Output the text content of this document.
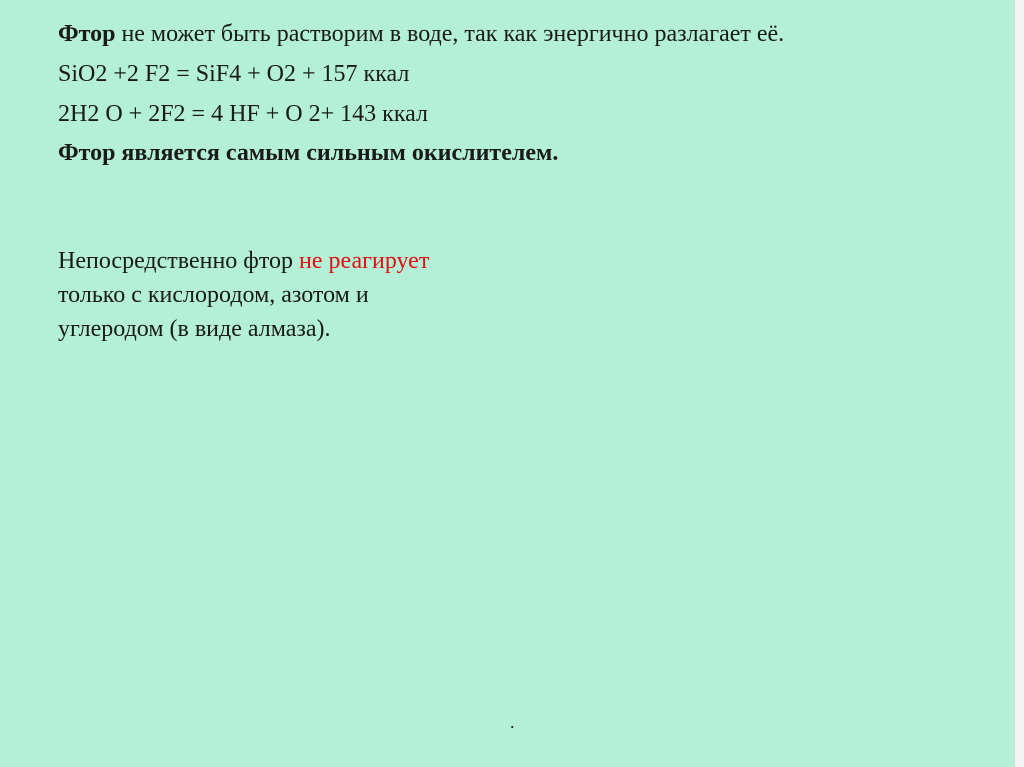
Фтор не может быть растворим в воде, так как энергично разлагает её.

SiO2 +2 F2 = SiF4 + O2 + 157 ккал

2H2 O + 2F2 = 4 HF + O 2+ 143 ккал

Фтор является самым сильным окислителем.

Непосредственно фтор не реагирует
только с кислородом, азотом и
углеродом (в виде алмаза).
.
